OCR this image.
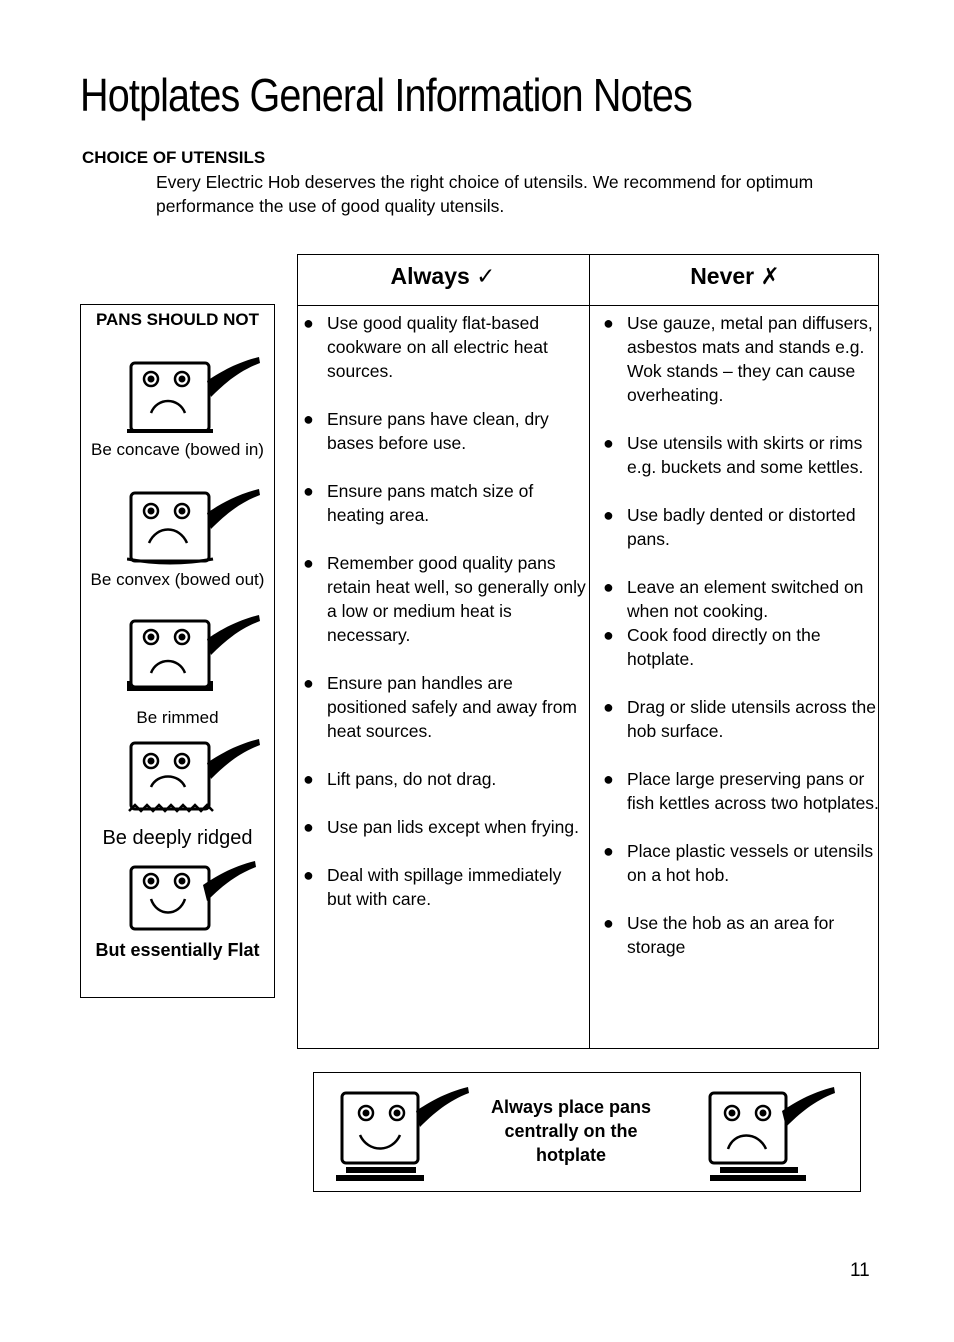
Hotplates General Information Notes
CHOICE OF UTENSILS

Every Electric Hob deserves the right choice of utensils. We recommend for optimum performance the use of good quality utensils.

PANS SHOULD NOT
Be concave (bowed in)
Be convex (bowed out)
Be rimmed
Be deeply ridged
But essentially Flat
Always ✓	Never ✗
● Use good quality flat-based cookware on all electric heat sources.
● Ensure pans have clean, dry bases before use.
● Ensure pans match size of heating area.
● Remember good quality pans retain heat well, so generally only a low or medium heat is necessary.
● Ensure pan handles are positioned safely and away from heat sources.
● Lift pans, do not drag.
● Use pan lids except when frying.
● Deal with spillage immediately but with care.
● Use gauze, metal pan diffusers, asbestos mats and stands e.g. Wok stands – they can cause overheating.
● Use utensils with skirts or rims e.g. buckets and some kettles.
● Use badly dented or distorted pans.
● Leave an element switched on when not cooking.
● Cook food directly on the hotplate.
● Drag or slide utensils across the hob surface.
● Place large preserving pans or fish kettles across two hotplates.
● Place plastic vessels or utensils on a hot hob.
● Use the hob as an area for storage
Always place pans centrally on the hotplate
11
